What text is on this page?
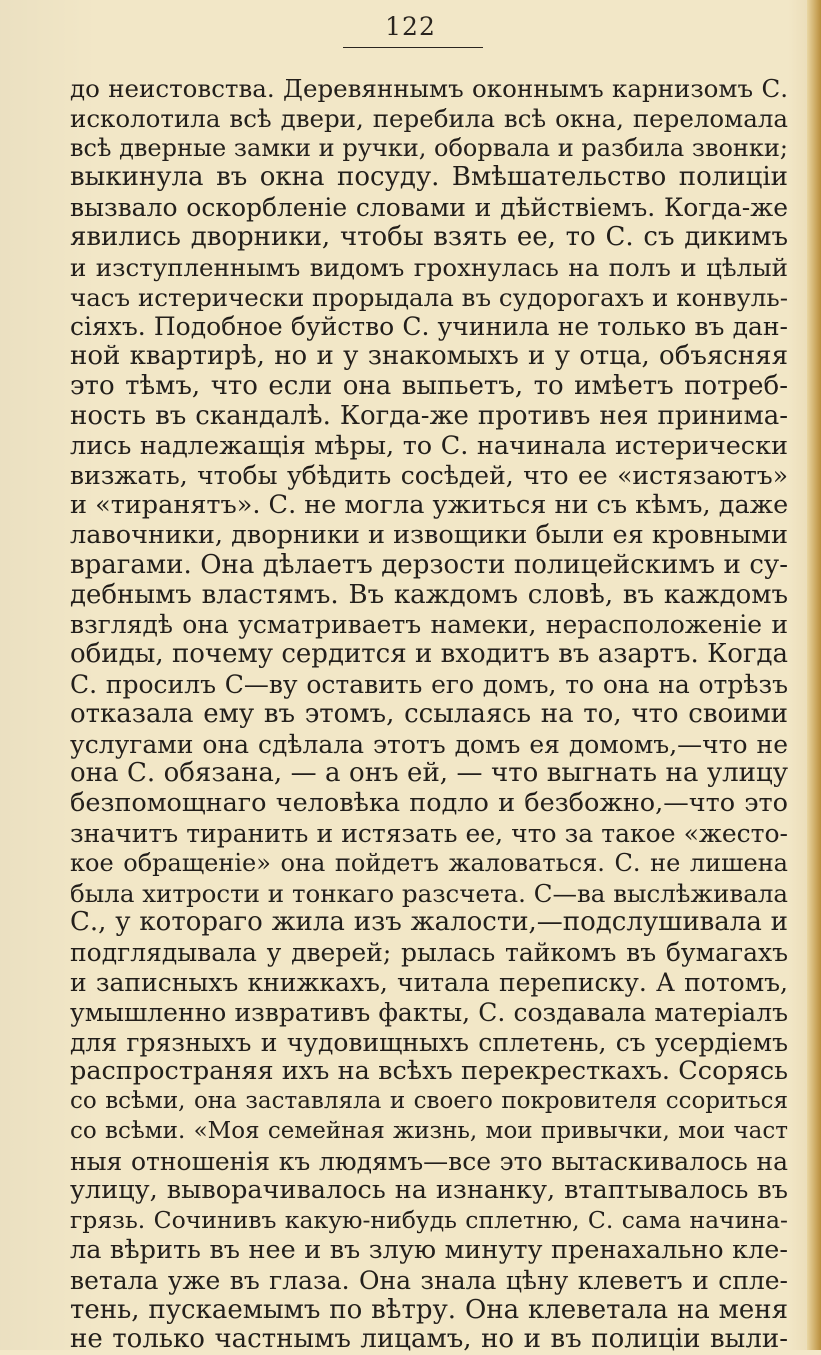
122
до неистовства. Деревяннымъ оконнымъ карнизомъ С.
исколотила всѣ двери, перебила всѣ окна, переломала
всѣ дверные замки и ручки, оборвала и разбила звонки;
выкинула въ окна посуду. Вмѣшательство полиціи
вызвало оскорбленіе словами и дѣйствіемъ. Когда-же
явились дворники, чтобы взять ее, то С. съ дикимъ
и изступленнымъ видомъ грохнулась на полъ и цѣлый
часъ истерически прорыдала въ судорогахъ и конвуль-
сіяхъ. Подобное буйство С. учинила не только въ дан-
ной квартирѣ, но и у знакомыхъ и у отца, объясняя
это тѣмъ, что если она выпьетъ, то имѣетъ потреб-
ность въ скандалѣ. Когда-же противъ нея принима-
лись надлежащія мѣры, то С. начинала истерически
визжать, чтобы убѣдить сосѣдей, что ее «истязаютъ»
и «тиранятъ». С. не могла ужиться ни съ кѣмъ, даже
лавочники, дворники и извощики были ея кровными
врагами. Она дѣлаетъ дерзости полицейскимъ и су-
дебнымъ властямъ. Въ каждомъ словѣ, въ каждомъ
взглядѣ она усматриваетъ намеки, нерасположеніе и
обиды, почему сердится и входитъ въ азартъ. Когда
С. просилъ С—ву оставить его домъ, то она на отрѣзъ
отказала ему въ этомъ, ссылаясь на то, что своими
услугами она сдѣлала этотъ домъ ея домомъ,—что не
она С. обязана, — а онъ ей, — что выгнать на улицу
безпомощнаго человѣка подло и безбожно,—что это
значитъ тиранить и истязать ее, что за такое «жесто-
кое обращеніе» она пойдетъ жаловаться. С. не лишена
была хитрости и тонкаго разсчета. С—ва выслѣживала
С., у котораго жила изъ жалости,—подслушивала и
подглядывала у дверей; рылась тайкомъ въ бумагахъ
и записныхъ книжкахъ, читала переписку. А потомъ,
умышленно извративъ факты, С. создавала матеріалъ
для грязныхъ и чудовищныхъ сплетень, съ усердіемъ
распространяя ихъ на всѣхъ перекресткахъ. Ссорясь
со всѣми, она заставляла и своего покровителя ссориться
со всѣми. «Моя семейная жизнь, мои привычки, мои част
ныя отношенія къ людямъ—все это вытаскивалось на
улицу, выворачивалось на изнанку, втаптывалось въ
грязь. Сочинивъ какую-нибудь сплетню, С. сама начина-
ла вѣрить въ нее и въ злую минуту пренахально кле-
ветала уже въ глаза. Она знала цѣну клеветъ и спле-
тень, пускаемымъ по вѣтру. Она клеветала на меня
не только частнымъ лицамъ, но и въ полиціи выли-
